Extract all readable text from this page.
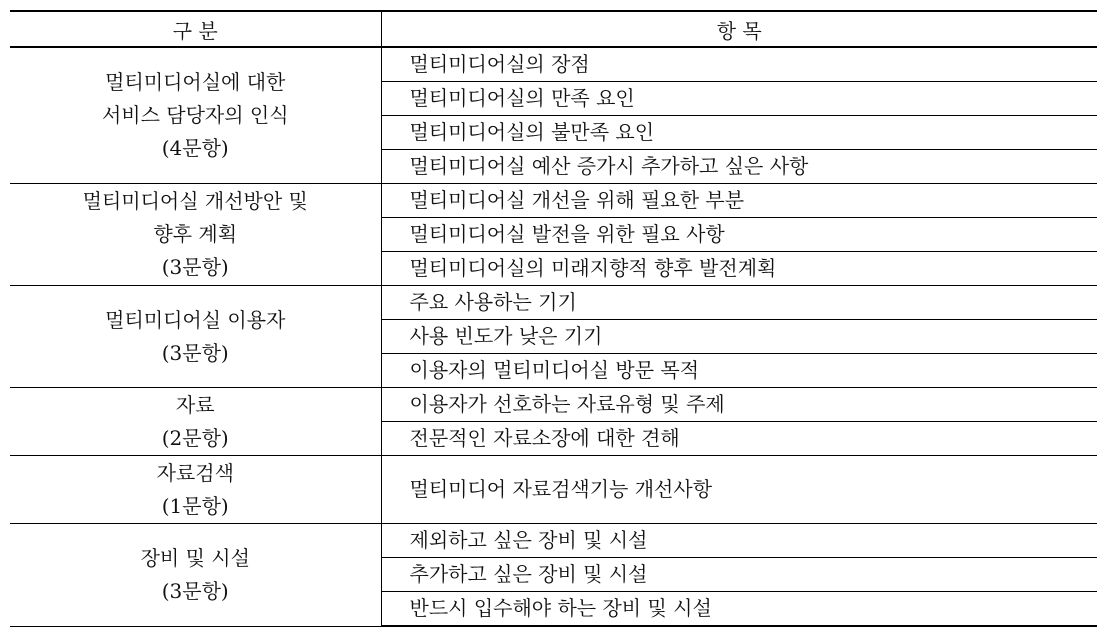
구 분	항 목

멀티미디어실에 대한
서비스 담당자의 인식
(4문항)	멀티미디어실의 장점
	멀티미디어실의 만족 요인
	멀티미디어실의 불만족 요인
	멀티미디어실 예산 증가시 추가하고 싶은 사항

멀티미디어실 개선방안 및
향후 계획
(3문항)	멀티미디어실 개선을 위해 필요한 부분
	멀티미디어실 발전을 위한 필요 사항
	멀티미디어실의 미래지향적 향후 발전계획

멀티미디어실 이용자
(3문항)	주요 사용하는 기기
	사용 빈도가 낮은 기기
	이용자의 멀티미디어실 방문 목적

자료
(2문항)	이용자가 선호하는 자료유형 및 주제
	전문적인 자료소장에 대한 견해

자료검색
(1문항)	멀티미디어 자료검색기능 개선사항

장비 및 시설
(3문항)	제외하고 싶은 장비 및 시설
	추가하고 싶은 장비 및 시설
	반드시 입수해야 하는 장비 및 시설
